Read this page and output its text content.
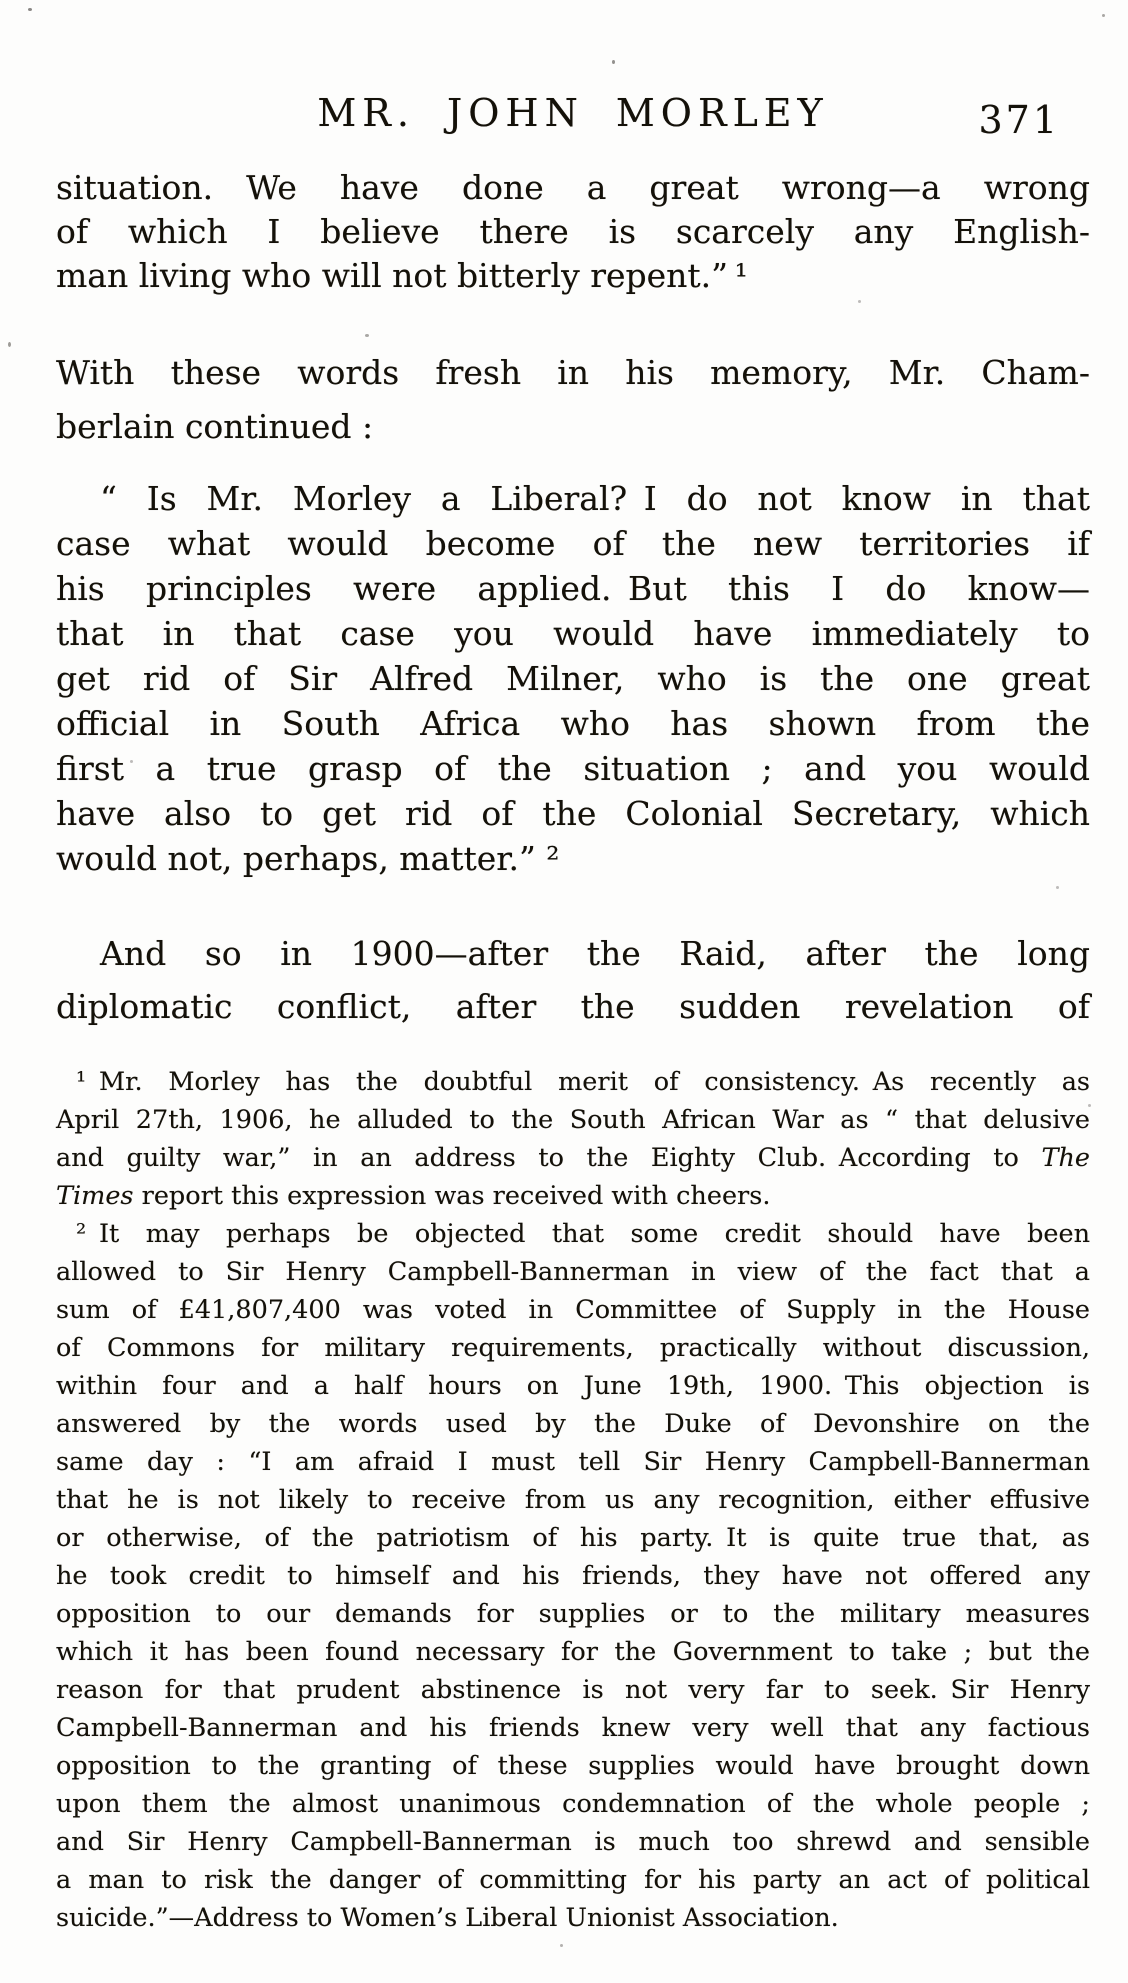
MR. JOHN MORLEY	371
situation. We have done a great wrong—a wrong
of which I believe there is scarcely any English-
man living who will not bitterly repent.” ¹
With these words fresh in his memory, Mr. Cham-
berlain continued :
“ Is Mr. Morley a Liberal? I do not know in that
case what would become of the new territories if
his principles were applied. But this I do know—
that in that case you would have immediately to
get rid of Sir Alfred Milner, who is the one great
official in South Africa who has shown from the
first a true grasp of the situation ; and you would
have also to get rid of the Colonial Secretary, which
would not, perhaps, matter.” ²
And so in 1900—after the Raid, after the long
diplomatic conflict, after the sudden revelation of
¹ Mr. Morley has the doubtful merit of consistency. As recently as
April 27th, 1906, he alluded to the South African War as “ that delusive
and guilty war,” in an address to the Eighty Club. According to The
Times report this expression was received with cheers.
² It may perhaps be objected that some credit should have been
allowed to Sir Henry Campbell-Bannerman in view of the fact that a
sum of £41,807,400 was voted in Committee of Supply in the House
of Commons for military requirements, practically without discussion,
within four and a half hours on June 19th, 1900. This objection is
answered by the words used by the Duke of Devonshire on the
same day : “I am afraid I must tell Sir Henry Campbell-Bannerman
that he is not likely to receive from us any recognition, either effusive
or otherwise, of the patriotism of his party. It is quite true that, as
he took credit to himself and his friends, they have not offered any
opposition to our demands for supplies or to the military measures
which it has been found necessary for the Government to take ; but the
reason for that prudent abstinence is not very far to seek. Sir Henry
Campbell-Bannerman and his friends knew very well that any factious
opposition to the granting of these supplies would have brought down
upon them the almost unanimous condemnation of the whole people ;
and Sir Henry Campbell-Bannerman is much too shrewd and sensible
a man to risk the danger of committing for his party an act of political
suicide.”—Address to Women’s Liberal Unionist Association.
